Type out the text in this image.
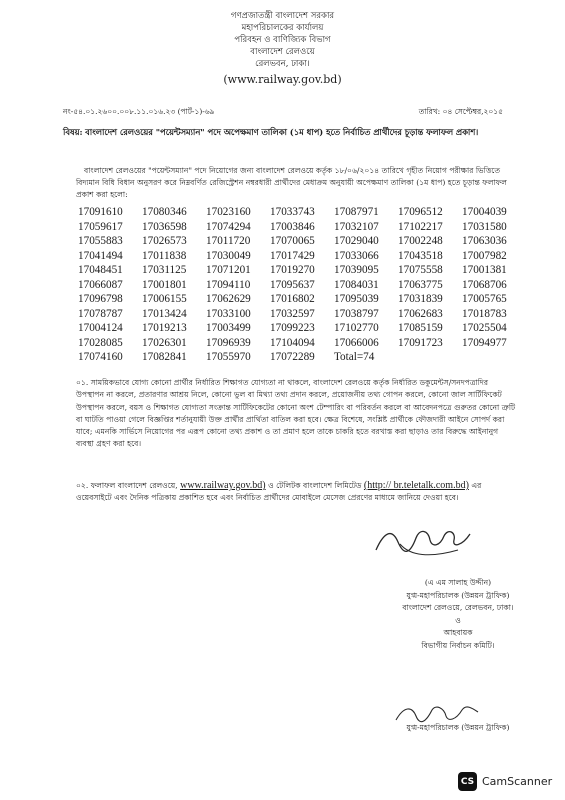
গণপ্রজাতন্ত্রী বাংলাদেশ সরকার
মহাপরিচালকের কার্যালয়
পরিবহন ও বাণিজ্যিক বিভাগ
বাংলাদেশ রেলওয়ে
রেলভবন, ঢাকা।
(www.railway.gov.bd)
নং-৫৪.০১.২৬০০.০০৮.১১.০১৬.২৩ (পার্ট-১)-৬৯	তারিখ: ০৪ সেপ্টেম্বর,২০১৫
বিষয়: বাংলাদেশ রেলওয়ের "পয়েন্টসম্যান" পদে অপেক্ষমাণ তালিকা (১ম ধাপ) হতে নির্বাচিত প্রার্থীদের চূড়ান্ত ফলাফল প্রকাশ।
বাংলাদেশ রেলওয়ের "পয়েন্টসম্যান" পদে নিয়োগের জন্য বাংলাদেশ রেলওয়ে কর্তৃক ১৮/০৬/২০১৪ তারিখে গৃহীত নিয়োগ পরীক্ষার ভিত্তিতে বিদ্যমান বিধি বিধান অনুসরণ করে নিম্নবর্ণিত রেজিস্ট্রেশন নম্বরধারী প্রার্থীদের মেধাক্রম অনুযায়ী অপেক্ষমাণ তালিকা (১ম ধাপ) হতে চূড়ান্ত ফলাফল প্রকাশ করা হলো:
17091610	17080346	17023160	17033743	17087971	17096512	17004039
17059617	17036598	17074294	17003846	17032107	17102217	17031580
17055883	17026573	17011720	17070065	17029040	17002248	17063036
17041494	17011838	17030049	17017429	17033066	17043518	17007982
17048451	17031125	17071201	17019270	17039095	17075558	17001381
17066087	17001801	17094110	17095637	17084031	17063775	17068706
17096798	17006155	17062629	17016802	17095039	17031839	17005765
17078787	17013424	17033100	17032597	17038797	17062683	17018783
17004124	17019213	17003499	17099223	17102770	17085159	17025504
17028085	17026301	17096939	17104094	17066006	17091723	17094977
17074160	17082841	17055970	17072289	Total=74
০১. সাময়িকভাবে যোগ্য কোনো প্রার্থীর নির্ধারিত শিক্ষাগত যোগ্যতা না থাকলে, বাংলাদেশ রেলওয়ে কর্তৃক নির্ধারিত ডকুমেন্টস/সনদপত্রাদির উপস্থাপন না করলে, প্রতারণার আশ্রয় নিলে, কোনো ভুল বা মিথ্যা তথ্য প্রদান করলে, প্রয়োজনীয় তথ্য গোপন করলে, কোনো জাল সার্টিফিকেট উপস্থাপন করলে, বয়স ও শিক্ষাগত যোগ্যতা সংক্রান্ত সার্টিফিকেটের কোনো অংশ টেম্পারিং বা পরিবর্তন করলে বা আবেদনপত্রে গুরুতর কোনো ত্রুটি বা ঘাটতি পাওয়া গেলে বিজ্ঞপ্তির শর্তানুযায়ী উক্ত প্রার্থীর প্রার্থিতা বাতিল করা হবে। ক্ষেত্র বিশেষে, সংশ্লিষ্ট প্রার্থীকে ফৌজদারী আইনে সোপর্দ করা যাবে; এমনকি সার্ভিসে নিয়োগের পর এরূপ কোনো তথ্য প্রকাশ ও তা প্রমাণ হলে তাকে চাকরি হতে বরখাস্ত করা ছাড়াও তার বিরুদ্ধে আইনানুগ ব্যবস্থা গ্রহণ করা হবে।
০২. ফলাফল বাংলাদেশ রেলওয়ে, www.railway.gov.bd) ও টেলিটক বাংলাদেশ লিমিটেড (http:// br.teletalk.com.bd) এর ওয়েবসাইটে এবং দৈনিক পত্রিকায় প্রকাশিত হবে এবং নির্বাচিত প্রার্থীদের মোবাইলে মেসেজ প্রেরণের মাধ্যমে জানিয়ে দেওয়া হবে।
(এ এম সালাহ উদ্দীন)
যুগ্ম-মহাপরিচালক (উন্নয়ন ট্রাফিক)
বাংলাদেশ রেলওয়ে, রেলভবন, ঢাকা।
ও
আহবায়ক
বিভাগীয় নির্বাচন কমিটি।
যুগ্ম-মহাপরিচালক (উন্নয়ন ট্রাফিক)
CS CamScanner
